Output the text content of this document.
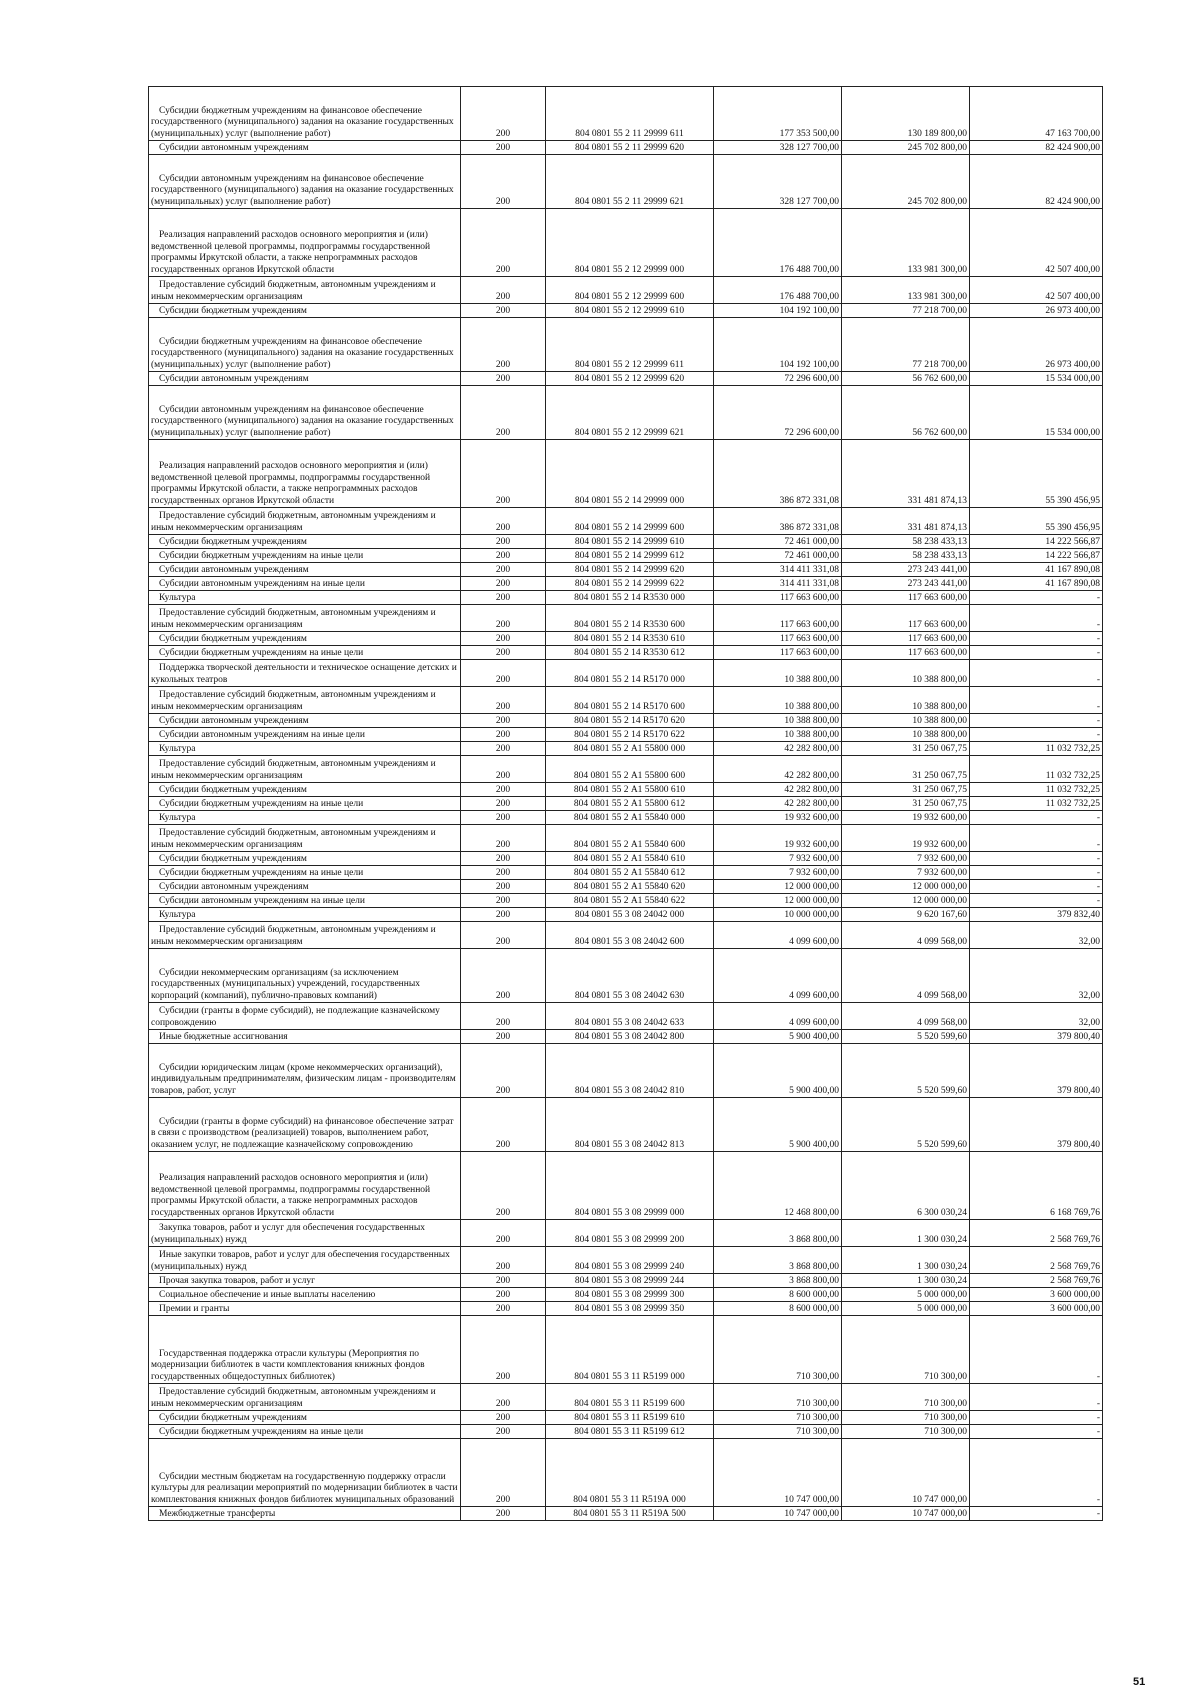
Субсидии бюджетным учреждениям на финансовое обеспечение государственного (муниципального) задания на оказание государственных (муниципальных) услуг (выполнение работ)	200	804 0801 55 2 11 29999 611	177 353 500,00	130 189 800,00	47 163 700,00

Субсидии автономным учреждениям	200	804 0801 55 2 11 29999 620	328 127 700,00	245 702 800,00	82 424 900,00

Субсидии автономным учреждениям на финансовое обеспечение государственного (муниципального) задания на оказание государственных (муниципальных) услуг (выполнение работ)	200	804 0801 55 2 11 29999 621	328 127 700,00	245 702 800,00	82 424 900,00

Реализация направлений расходов основного мероприятия и (или) ведомственной целевой программы, подпрограммы государственной программы Иркутской области, а также непрограммных расходов государственных органов Иркутской области	200	804 0801 55 2 12 29999 000	176 488 700,00	133 981 300,00	42 507 400,00

Предоставление субсидий бюджетным, автономным учреждениям и иным некоммерческим организациям	200	804 0801 55 2 12 29999 600	176 488 700,00	133 981 300,00	42 507 400,00

Субсидии бюджетным учреждениям	200	804 0801 55 2 12 29999 610	104 192 100,00	77 218 700,00	26 973 400,00

Субсидии бюджетным учреждениям на финансовое обеспечение государственного (муниципального) задания на оказание государственных (муниципальных) услуг (выполнение работ)	200	804 0801 55 2 12 29999 611	104 192 100,00	77 218 700,00	26 973 400,00

Субсидии автономным учреждениям	200	804 0801 55 2 12 29999 620	72 296 600,00	56 762 600,00	15 534 000,00

Субсидии автономным учреждениям на финансовое обеспечение государственного (муниципального) задания на оказание государственных (муниципальных) услуг (выполнение работ)	200	804 0801 55 2 12 29999 621	72 296 600,00	56 762 600,00	15 534 000,00

Реализация направлений расходов основного мероприятия и (или) ведомственной целевой программы, подпрограммы государственной программы Иркутской области, а также непрограммных расходов государственных органов Иркутской области	200	804 0801 55 2 14 29999 000	386 872 331,08	331 481 874,13	55 390 456,95

Предоставление субсидий бюджетным, автономным учреждениям и иным некоммерческим организациям	200	804 0801 55 2 14 29999 600	386 872 331,08	331 481 874,13	55 390 456,95

Субсидии бюджетным учреждениям	200	804 0801 55 2 14 29999 610	72 461 000,00	58 238 433,13	14 222 566,87

Субсидии бюджетным учреждениям на иные цели	200	804 0801 55 2 14 29999 612	72 461 000,00	58 238 433,13	14 222 566,87

Субсидии автономным учреждениям	200	804 0801 55 2 14 29999 620	314 411 331,08	273 243 441,00	41 167 890,08

Субсидии автономным учреждениям на иные цели	200	804 0801 55 2 14 29999 622	314 411 331,08	273 243 441,00	41 167 890,08

Культура	200	804 0801 55 2 14 R3530 000	117 663 600,00	117 663 600,00	-

Предоставление субсидий бюджетным, автономным учреждениям и иным некоммерческим организациям	200	804 0801 55 2 14 R3530 600	117 663 600,00	117 663 600,00	-

Субсидии бюджетным учреждениям	200	804 0801 55 2 14 R3530 610	117 663 600,00	117 663 600,00	-

Субсидии бюджетным учреждениям на иные цели	200	804 0801 55 2 14 R3530 612	117 663 600,00	117 663 600,00	-

Поддержка творческой деятельности и техническое оснащение детских и кукольных театров	200	804 0801 55 2 14 R5170 000	10 388 800,00	10 388 800,00	-

Предоставление субсидий бюджетным, автономным учреждениям и иным некоммерческим организациям	200	804 0801 55 2 14 R5170 600	10 388 800,00	10 388 800,00	-

Субсидии автономным учреждениям	200	804 0801 55 2 14 R5170 620	10 388 800,00	10 388 800,00	-

Субсидии автономным учреждениям на иные цели	200	804 0801 55 2 14 R5170 622	10 388 800,00	10 388 800,00	-

Культура	200	804 0801 55 2 А1 55800 000	42 282 800,00	31 250 067,75	11 032 732,25

Предоставление субсидий бюджетным, автономным учреждениям и иным некоммерческим организациям	200	804 0801 55 2 А1 55800 600	42 282 800,00	31 250 067,75	11 032 732,25

Субсидии бюджетным учреждениям	200	804 0801 55 2 А1 55800 610	42 282 800,00	31 250 067,75	11 032 732,25

Субсидии бюджетным учреждениям на иные цели	200	804 0801 55 2 А1 55800 612	42 282 800,00	31 250 067,75	11 032 732,25

Культура	200	804 0801 55 2 А1 55840 000	19 932 600,00	19 932 600,00	-

Предоставление субсидий бюджетным, автономным учреждениям и иным некоммерческим организациям	200	804 0801 55 2 А1 55840 600	19 932 600,00	19 932 600,00	-

Субсидии бюджетным учреждениям	200	804 0801 55 2 А1 55840 610	7 932 600,00	7 932 600,00	-

Субсидии бюджетным учреждениям на иные цели	200	804 0801 55 2 А1 55840 612	7 932 600,00	7 932 600,00	-

Субсидии автономным учреждениям	200	804 0801 55 2 А1 55840 620	12 000 000,00	12 000 000,00	-

Субсидии автономным учреждениям на иные цели	200	804 0801 55 2 А1 55840 622	12 000 000,00	12 000 000,00	-

Культура	200	804 0801 55 3 08 24042 000	10 000 000,00	9 620 167,60	379 832,40

Предоставление субсидий бюджетным, автономным учреждениям и иным некоммерческим организациям	200	804 0801 55 3 08 24042 600	4 099 600,00	4 099 568,00	32,00

Субсидии некоммерческим организациям (за исключением государственных (муниципальных) учреждений, государственных корпораций (компаний), публично-правовых компаний)	200	804 0801 55 3 08 24042 630	4 099 600,00	4 099 568,00	32,00

Субсидии (гранты в форме субсидий), не подлежащие казначейскому сопровождению	200	804 0801 55 3 08 24042 633	4 099 600,00	4 099 568,00	32,00

Иные бюджетные ассигнования	200	804 0801 55 3 08 24042 800	5 900 400,00	5 520 599,60	379 800,40

Субсидии юридическим лицам (кроме некоммерческих организаций), индивидуальным предпринимателям, физическим лицам - производителям товаров, работ, услуг	200	804 0801 55 3 08 24042 810	5 900 400,00	5 520 599,60	379 800,40

Субсидии (гранты в форме субсидий) на финансовое обеспечение затрат в связи с производством (реализацией) товаров, выполнением работ, оказанием услуг, не подлежащие казначейскому сопровождению	200	804 0801 55 3 08 24042 813	5 900 400,00	5 520 599,60	379 800,40

Реализация направлений расходов основного мероприятия и (или) ведомственной целевой программы, подпрограммы государственной программы Иркутской области, а также непрограммных расходов государственных органов Иркутской области	200	804 0801 55 3 08 29999 000	12 468 800,00	6 300 030,24	6 168 769,76

Закупка товаров, работ и услуг для обеспечения государственных (муниципальных) нужд	200	804 0801 55 3 08 29999 200	3 868 800,00	1 300 030,24	2 568 769,76

Иные закупки товаров, работ и услуг для обеспечения государственных (муниципальных) нужд	200	804 0801 55 3 08 29999 240	3 868 800,00	1 300 030,24	2 568 769,76

Прочая закупка товаров, работ и услуг	200	804 0801 55 3 08 29999 244	3 868 800,00	1 300 030,24	2 568 769,76

Социальное обеспечение и иные выплаты населению	200	804 0801 55 3 08 29999 300	8 600 000,00	5 000 000,00	3 600 000,00

Премии и гранты	200	804 0801 55 3 08 29999 350	8 600 000,00	5 000 000,00	3 600 000,00

Государственная поддержка отрасли культуры (Мероприятия по модернизации библиотек в части комплектования книжных фондов государственных общедоступных библиотек)	200	804 0801 55 3 11 R5199 000	710 300,00	710 300,00	-

Предоставление субсидий бюджетным, автономным учреждениям и иным некоммерческим организациям	200	804 0801 55 3 11 R5199 600	710 300,00	710 300,00	-

Субсидии бюджетным учреждениям	200	804 0801 55 3 11 R5199 610	710 300,00	710 300,00	-

Субсидии бюджетным учреждениям на иные цели	200	804 0801 55 3 11 R5199 612	710 300,00	710 300,00	-

Субсидии местным бюджетам на государственную поддержку отрасли культуры для реализации мероприятий по модернизации библиотек в части комплектования книжных фондов библиотек муниципальных образований	200	804 0801 55 3 11 R519А 000	10 747 000,00	10 747 000,00	-

Межбюджетные трансферты	200	804 0801 55 3 11 R519А 500	10 747 000,00	10 747 000,00	-
51
